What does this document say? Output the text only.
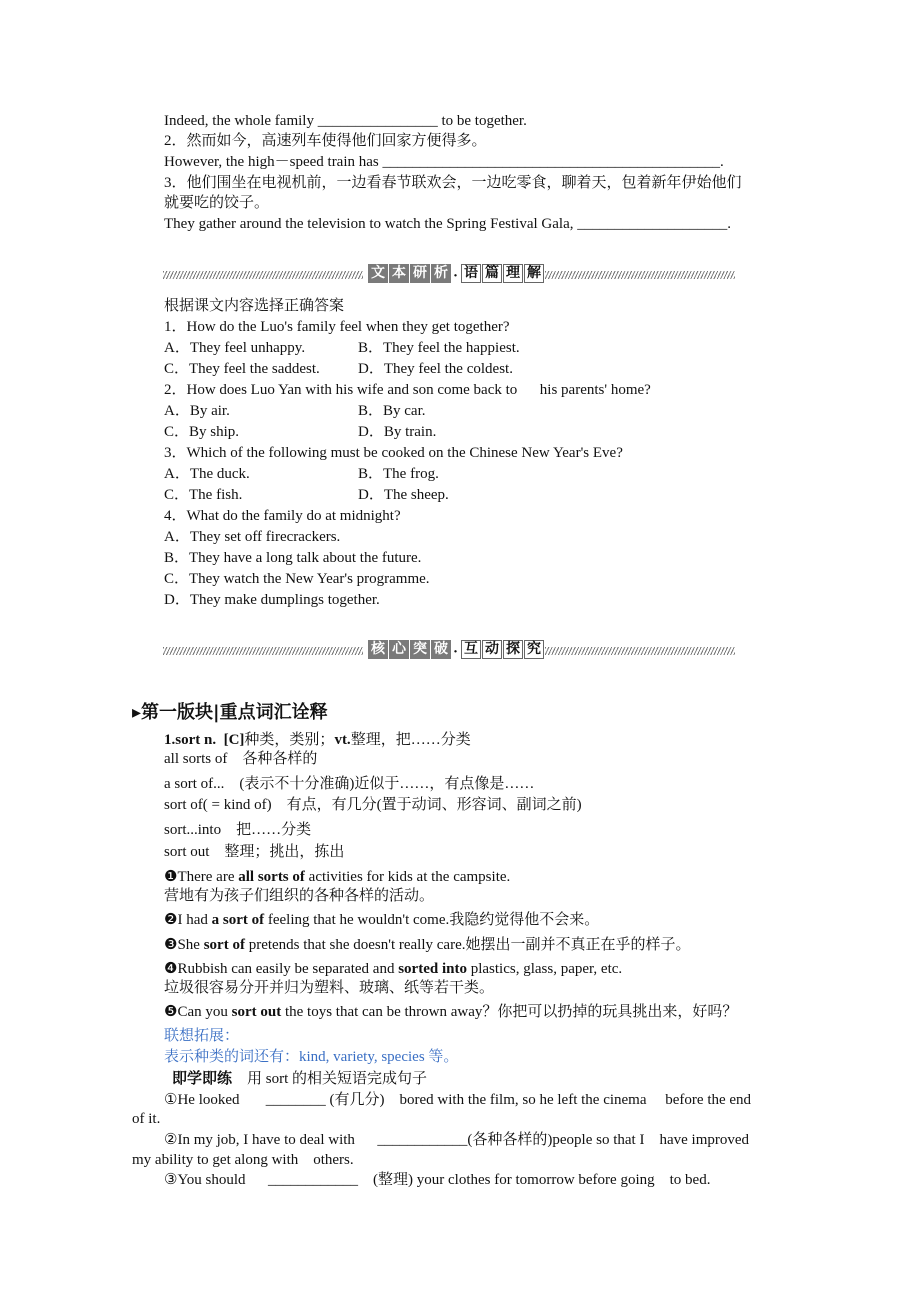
文 本 研 析 · 语 篇 理 解
核 心 突 破 · 互 动 探 究
▸第一版块|重点词汇诠释
Indeed, the whole family ________________ to be together.
2．然而如今，高速列车使得他们回家方便得多。
However, the high－speed train has _____________________________________________.
3．他们围坐在电视机前，一边看春节联欢会，一边吃零食，聊着天，包着新年伊始他们
就要吃的饺子。
They gather around the television to watch the Spring Festival Gala, ____________________.
根据课文内容选择正确答案
1．How do the Luo's family feel when they get together?
A．They feel unhappy.	B．They feel the happiest.
C．They feel the saddest.	D．They feel the coldest.
2．How does Luo Yan with his wife and son come back to      his parents' home?
A．By air.	B．By car.
C．By ship.	D．By train.
3．Which of the following must be cooked on the Chinese New Year's Eve?
A．The duck.	B．The frog.
C．The fish.	D．The sheep.
4．What do the family do at midnight?
A．They set off firecrackers.
B．They have a long talk about the future.
C．They watch the New Year's programme.
D．They make dumplings together.
1.sort n. [C]种类，类别；vt.整理，把……分类
all sorts of    各种各样的
a sort of...    (表示不十分准确)近似于……，有点像是……
sort of( = kind of)    有点，有几分(置于动词、形容词、副词之前)
sort...into    把……分类
sort out    整理；挑出，拣出
❶There are all sorts of activities for kids at the campsite.
营地有为孩子们组织的各种各样的活动。
❷I had a sort of feeling that he wouldn't come.我隐约觉得他不会来。
❸She sort of pretends that she doesn't really care.她摆出一副并不真正在乎的样子。
❹Rubbish can easily be separated and sorted into plastics, glass, paper, etc.
垃圾很容易分开并归为塑料、玻璃、纸等若干类。
❺Can you sort out the toys that can be thrown away？你把可以扔掉的玩具挑出来，好吗？
联想拓展：
表示种类的词还有：kind, variety, species 等。
即学即练    用 sort 的相关短语完成句子
①He looked       ________ (有几分)    bored with the film, so he left the cinema     before the end
of it.
②In my job, I have to deal with      ____________(各种各样的)people so that I    have improved
my ability to get along with    others.
③You should      ____________    (整理) your clothes for tomorrow before going    to bed.
